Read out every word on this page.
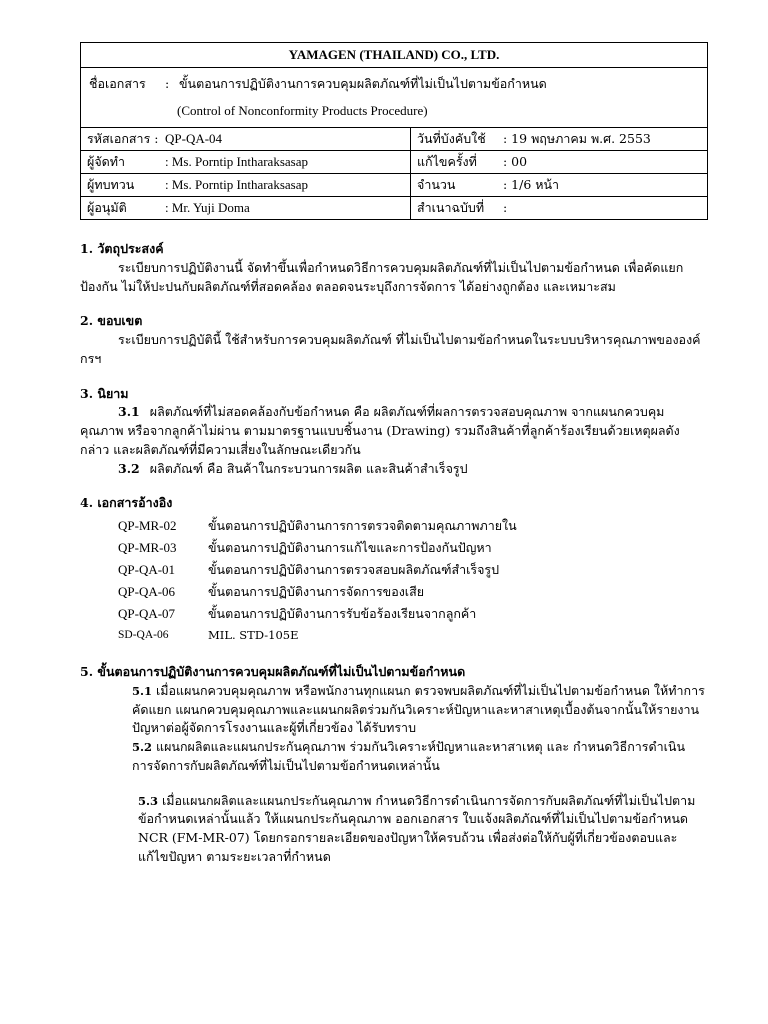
YAMAGEN (THAILAND) CO., LTD.
ชื่อเอกสาร	: ขั้นตอนการปฏิบัติงานการควบคุมผลิตภัณฑ์ที่ไม่เป็นไปตามข้อกำหนด
(Control of Nonconformity Products Procedure)
รหัสเอกสาร : QP-QA-04	วันที่บังคับใช้	: 19 พฤษภาคม พ.ศ. 2553
ผู้จัดทำ	: Ms. Porntip Intharaksasap	แก้ไขครั้งที่	: 00
ผู้ทบทวน	: Ms. Porntip Intharaksasap	จำนวน	: 1/6 หน้า
ผู้อนุมัติ	: Mr. Yuji Doma	สำเนาฉบับที่	:

1. วัตถุประสงค์

ระเบียบการปฏิบัติงานนี้ จัดทำขึ้นเพื่อกำหนดวิธีการควบคุมผลิตภัณฑ์ที่ไม่เป็นไปตามข้อกำหนด เพื่อคัดแยกป้องกัน ไม่ให้ปะปนกับผลิตภัณฑ์ที่สอดคล้อง ตลอดจนระบุถึงการจัดการ ได้อย่างถูกต้อง และเหมาะสม

2. ขอบเขต

ระเบียบการปฏิบัตินี้ ใช้สำหรับการควบคุมผลิตภัณฑ์ ที่ไม่เป็นไปตามข้อกำหนดในระบบบริหารคุณภาพขององค์กรฯ

3. นิยาม

3.1 ผลิตภัณฑ์ที่ไม่สอดคล้องกับข้อกำหนด คือ ผลิตภัณฑ์ที่ผลการตรวจสอบคุณภาพ จากแผนกควบคุมคุณภาพ หรือจากลูกค้าไม่ผ่าน ตามมาตรฐานแบบชิ้นงาน (Drawing) รวมถึงสินค้าที่ลูกค้าร้องเรียนด้วยเหตุผลดังกล่าว และผลิตภัณฑ์ที่มีความเสี่ยงในลักษณะเดียวกัน

3.2 ผลิตภัณฑ์ คือ สินค้าในกระบวนการผลิต และสินค้าสำเร็จรูป

4. เอกสารอ้างอิง

QP-MR-02	ขั้นตอนการปฏิบัติงานการการตรวจติดตามคุณภาพภายใน
QP-MR-03	ขั้นตอนการปฏิบัติงานการแก้ไขและการป้องกันปัญหา
QP-QA-01	ขั้นตอนการปฏิบัติงานการตรวจสอบผลิตภัณฑ์สำเร็จรูป
QP-QA-06	ขั้นตอนการปฏิบัติงานการจัดการของเสีย
QP-QA-07	ขั้นตอนการปฏิบัติงานการรับข้อร้องเรียนจากลูกค้า
SD-QA-06	MIL. STD-105E

5. ขั้นตอนการปฏิบัติงานการควบคุมผลิตภัณฑ์ที่ไม่เป็นไปตามข้อกำหนด

5.1 เมื่อแผนกควบคุมคุณภาพ หรือพนักงานทุกแผนก ตรวจพบผลิตภัณฑ์ที่ไม่เป็นไปตามข้อกำหนด ให้ทำการคัดแยก แผนกควบคุมคุณภาพและแผนกผลิตร่วมกันวิเคราะห์ปัญหาและหาสาเหตุเบื้องต้นจากนั้นให้รายงานปัญหาต่อผู้จัดการโรงงานและผู้ที่เกี่ยวข้อง ได้รับทราบ

5.2 แผนกผลิตและแผนกประกันคุณภาพ ร่วมกันวิเคราะห์ปัญหาและหาสาเหตุ และ กำหนดวิธีการดำเนินการจัดการกับผลิตภัณฑ์ที่ไม่เป็นไปตามข้อกำหนดเหล่านั้น

5.3 เมื่อแผนกผลิตและแผนกประกันคุณภาพ กำหนดวิธีการดำเนินการจัดการกับผลิตภัณฑ์ที่ไม่เป็นไปตามข้อกำหนดเหล่านั้นแล้ว ให้แผนกประกันคุณภาพ ออกเอกสาร ใบแจ้งผลิตภัณฑ์ที่ไม่เป็นไปตามข้อกำหนด NCR (FM-MR-07) โดยกรอกรายละเอียดของปัญหาให้ครบถ้วน เพื่อส่งต่อให้กับผู้ที่เกี่ยวข้องตอบและแก้ไขปัญหา ตามระยะเวลาที่กำหนด
